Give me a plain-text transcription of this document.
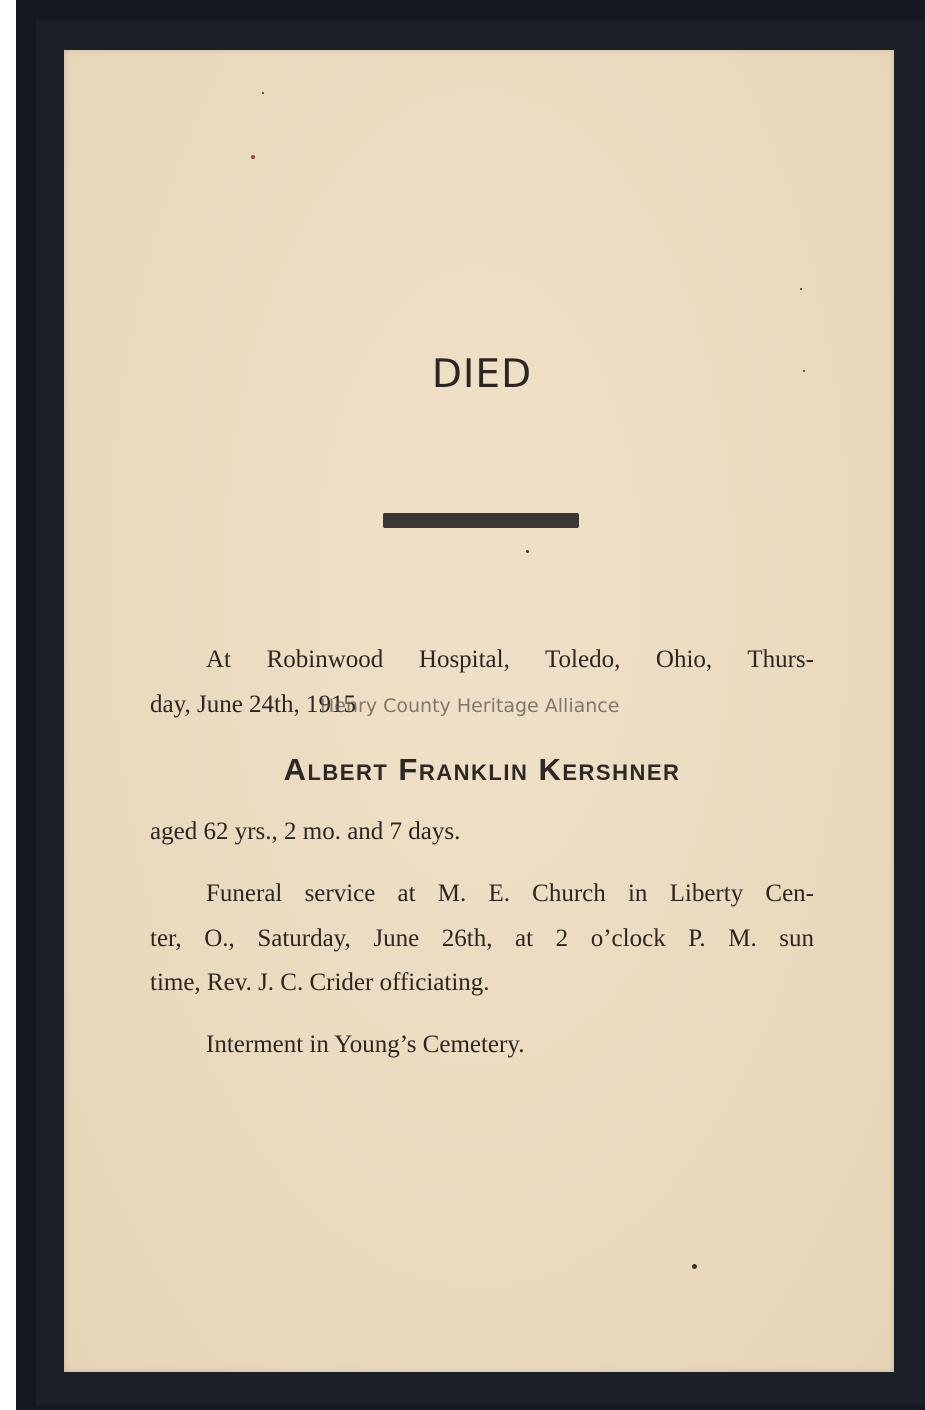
DIED
At Robinwood Hospital, Toledo, Ohio, Thurs-
day, June 24th, 1915
Henry County Heritage Alliance
Albert Franklin Kershner
aged 62 yrs., 2 mo. and 7 days.
Funeral service at M. E. Church in Liberty Cen-
ter, O., Saturday, June 26th, at 2 o’clock P. M. sun
time, Rev. J. C. Crider officiating.
Interment in Young’s Cemetery.
